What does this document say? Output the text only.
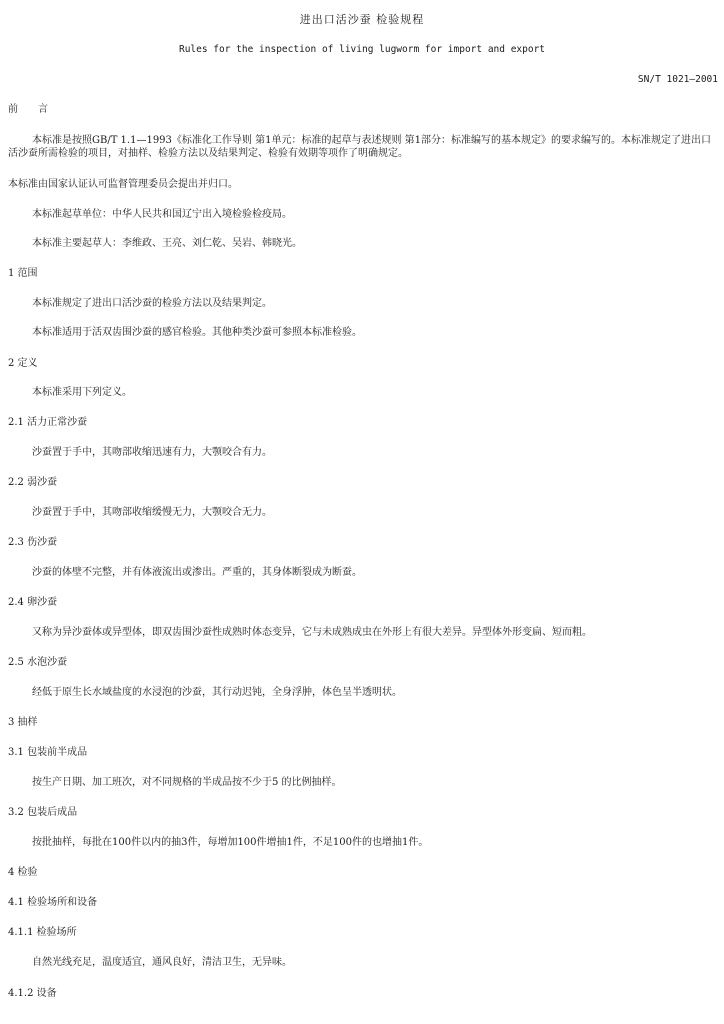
进出口活沙蚕 检验规程
Rules for the inspection of living lugworm for import and export
SN/T 1021—2001
前 言
本标准是按照GB/T 1.1—1993《标准化工作导则 第1单元：标准的起草与表述规则 第1部分：标准编写的基本规定》的要求编写的。本标准规定了进出口活沙蚕所需检验的项目，对抽样、检验方法以及结果判定、检验有效期等项作了明确规定。
本标准由国家认证认可监督管理委员会提出并归口。
本标准起草单位：中华人民共和国辽宁出入境检验检疫局。
本标准主要起草人：李维政、王亮、刘仁乾、吴岩、韩晓光。
1 范围
本标准规定了进出口活沙蚕的检验方法以及结果判定。
本标准适用于活双齿围沙蚕的感官检验。其他种类沙蚕可参照本标准检验。
2 定义
本标准采用下列定义。
2.1 活力正常沙蚕
沙蚕置于手中，其吻部收缩迅速有力，大颚咬合有力。
2.2 弱沙蚕
沙蚕置于手中，其吻部收缩缓慢无力，大颚咬合无力。
2.3 伤沙蚕
沙蚕的体壁不完整，并有体液流出或渗出。严重的，其身体断裂成为断蚕。
2.4 卵沙蚕
又称为异沙蚕体或异型体，即双齿围沙蚕性成熟时体态变异，它与未成熟成虫在外形上有很大差异。异型体外形变扁、短而粗。
2.5 水泡沙蚕
经低于原生长水域盐度的水浸泡的沙蚕，其行动迟钝，全身浮肿，体色呈半透明状。
3 抽样
3.1 包装前半成品
按生产日期、加工班次，对不同规格的半成品按不少于5 的比例抽样。
3.2 包装后成品
按批抽样，每批在100件以内的抽3件，每增加100件增抽1件，不足100件的也增抽1件。
4 检验
4.1 检验场所和设备
4.1.1 检验场所
自然光线充足，温度适宜，通风良好，清洁卫生，无异味。
4.1.2 设备
